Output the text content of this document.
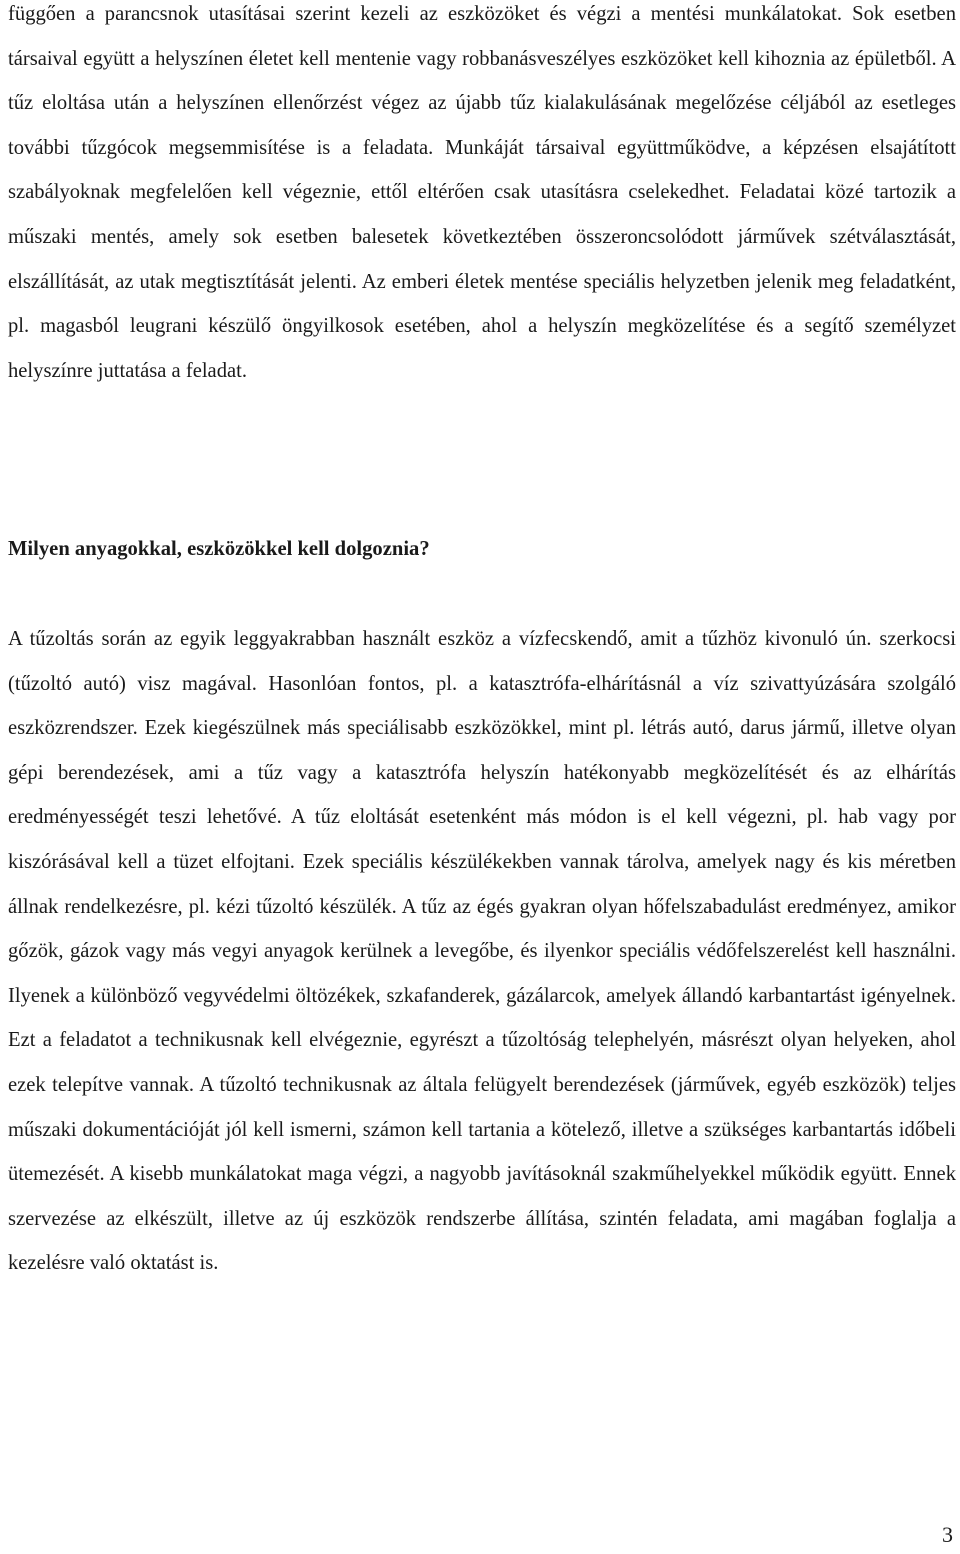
függően a parancsnok utasításai szerint kezeli az eszközöket és végzi a mentési munkálatokat. Sok esetben társaival együtt a helyszínen életet kell mentenie vagy robbanásveszélyes eszközöket kell kihoznia az épületből. A tűz eloltása után a helyszínen ellenőrzést végez az újabb tűz kialakulásának megelőzése céljából az esetleges további tűzgócok megsemmisítése is a feladata. Munkáját társaival együttműködve, a képzésen elsajátított szabályoknak megfelelően kell végeznie, ettől eltérően csak utasításra cselekedhet. Feladatai közé tartozik a műszaki mentés, amely sok esetben balesetek következtében összeroncsolódott járművek szétválasztását, elszállítását, az utak megtisztítását jelenti. Az emberi életek mentése speciális helyzetben jelenik meg feladatként, pl. magasból leugrani készülő öngyilkosok esetében, ahol a helyszín megközelítése és a segítő személyzet helyszínre juttatása a feladat.

Milyen anyagokkal, eszközökkel kell dolgoznia?

A tűzoltás során az egyik leggyakrabban használt eszköz a vízfecskendő, amit a tűzhöz kivonuló ún. szerkocsi (tűzoltó autó) visz magával. Hasonlóan fontos, pl. a katasztrófa-elhárításnál a víz szivattyúzására szolgáló eszközrendszer. Ezek kiegészülnek más speciálisabb eszközökkel, mint pl. létrás autó, darus jármű, illetve olyan gépi berendezések, ami a tűz vagy a katasztrófa helyszín hatékonyabb megközelítését és az elhárítás eredményességét teszi lehetővé. A tűz eloltását esetenként más módon is el kell végezni, pl. hab vagy por kiszórásával kell a tüzet elfojtani. Ezek speciális készülékekben vannak tárolva, amelyek nagy és kis méretben állnak rendelkezésre, pl. kézi tűzoltó készülék. A tűz az égés gyakran olyan hőfelszabadulást eredményez, amikor gőzök, gázok vagy más vegyi anyagok kerülnek a levegőbe, és ilyenkor speciális védőfelszerelést kell használni. Ilyenek a különböző vegyvédelmi öltözékek, szkafanderek, gázálarcok, amelyek állandó karbantartást igényelnek. Ezt a feladatot a technikusnak kell elvégeznie, egyrészt a tűzoltóság telephelyén, másrészt olyan helyeken, ahol ezek telepítve vannak. A tűzoltó technikusnak az általa felügyelt berendezések (járművek, egyéb eszközök) teljes műszaki dokumentációját jól kell ismerni, számon kell tartania a kötelező, illetve a szükséges karbantartás időbeli ütemezését. A kisebb munkálatokat maga végzi, a nagyobb javításoknál szakműhelyekkel működik együtt. Ennek szervezése az elkészült, illetve az új eszközök rendszerbe állítása, szintén feladata, ami magában foglalja a kezelésre való oktatást is.

3
